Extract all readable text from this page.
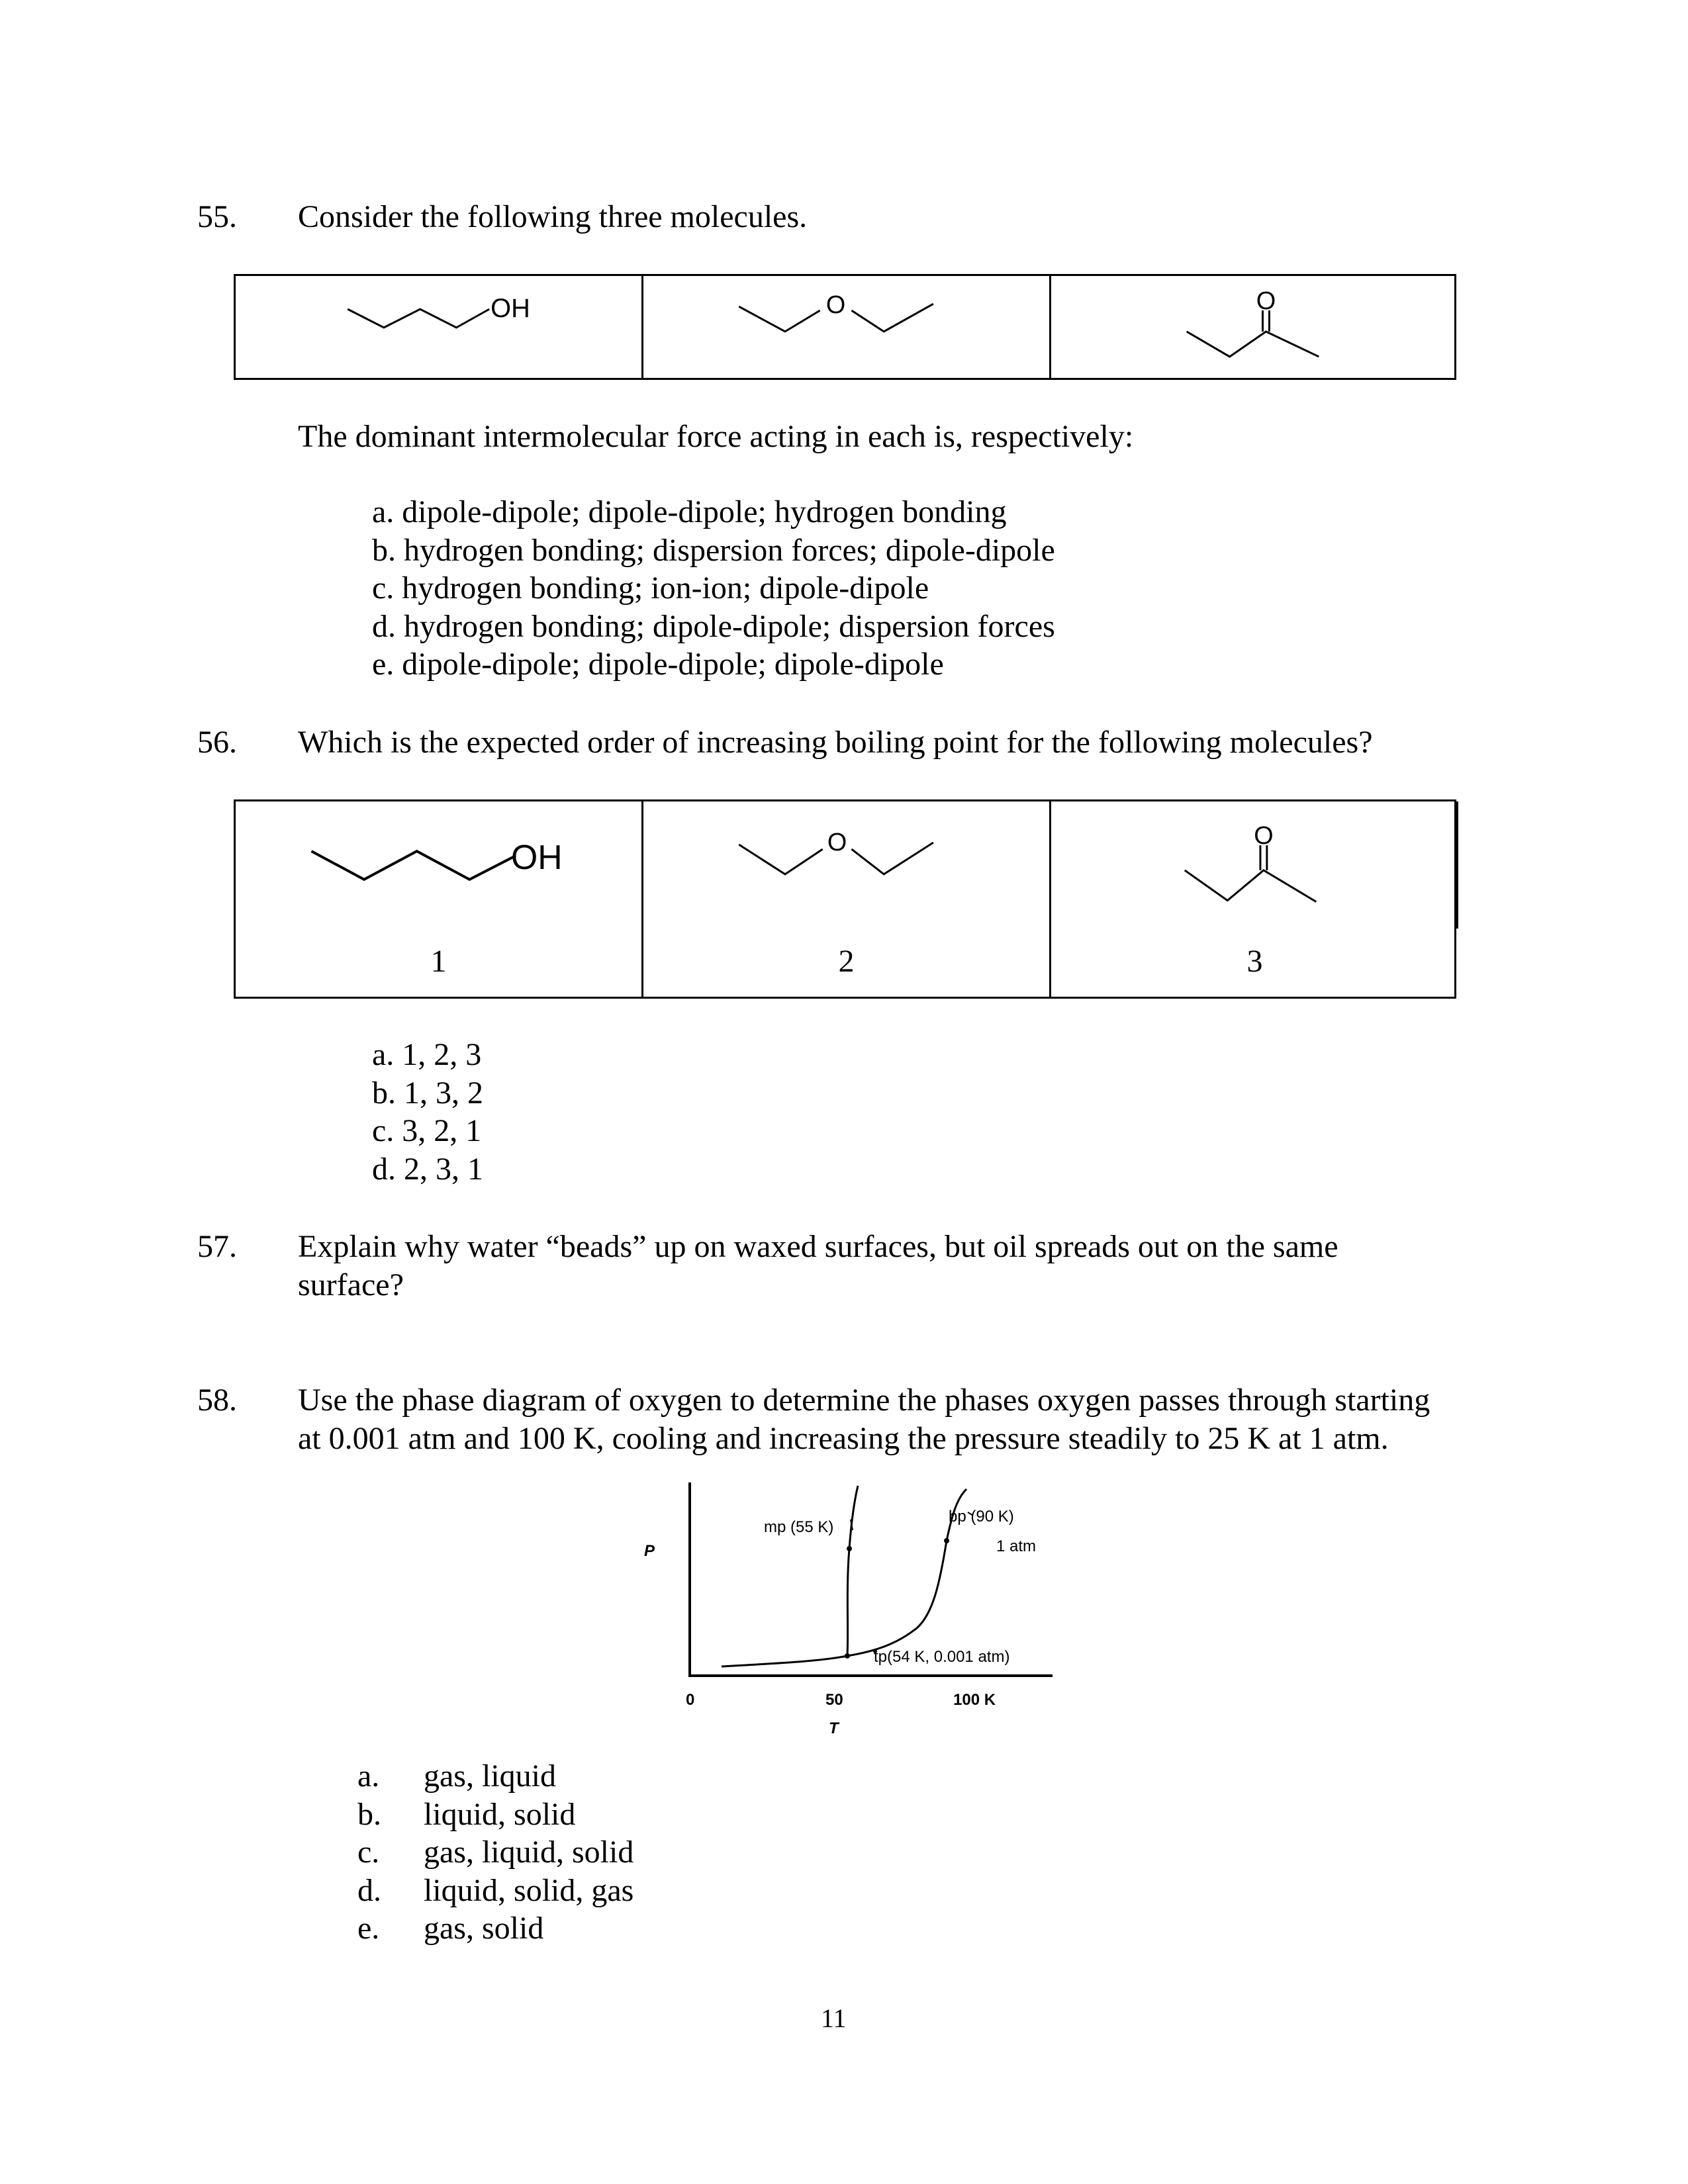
55. Consider the following three molecules.
OH	O	O
The dominant intermolecular force acting in each is, respectively:
a. dipole-dipole; dipole-dipole; hydrogen bonding
b. hydrogen bonding; dispersion forces; dipole-dipole
c. hydrogen bonding; ion-ion; dipole-dipole
d. hydrogen bonding; dipole-dipole; dispersion forces
e. dipole-dipole; dipole-dipole; dipole-dipole
56. Which is the expected order of increasing boiling point for the following molecules?
OH	O	O
1	2	3
a. 1, 2, 3
b. 1, 3, 2
c. 3, 2, 1
d. 2, 3, 1
57. Explain why water “beads” up on waxed surfaces, but oil spreads out on the same
surface?
58. Use the phase diagram of oxygen to determine the phases oxygen passes through starting
at 0.001 atm and 100 K, cooling and increasing the pressure steadily to 25 K at 1 atm.
P
mp (55 K)
bp (90 K)
1 atm
tp(54 K, 0.001 atm)
0	50	100 K
T
a. gas, liquid
b. liquid, solid
c. gas, liquid, solid
d. liquid, solid, gas
e. gas, solid
11
